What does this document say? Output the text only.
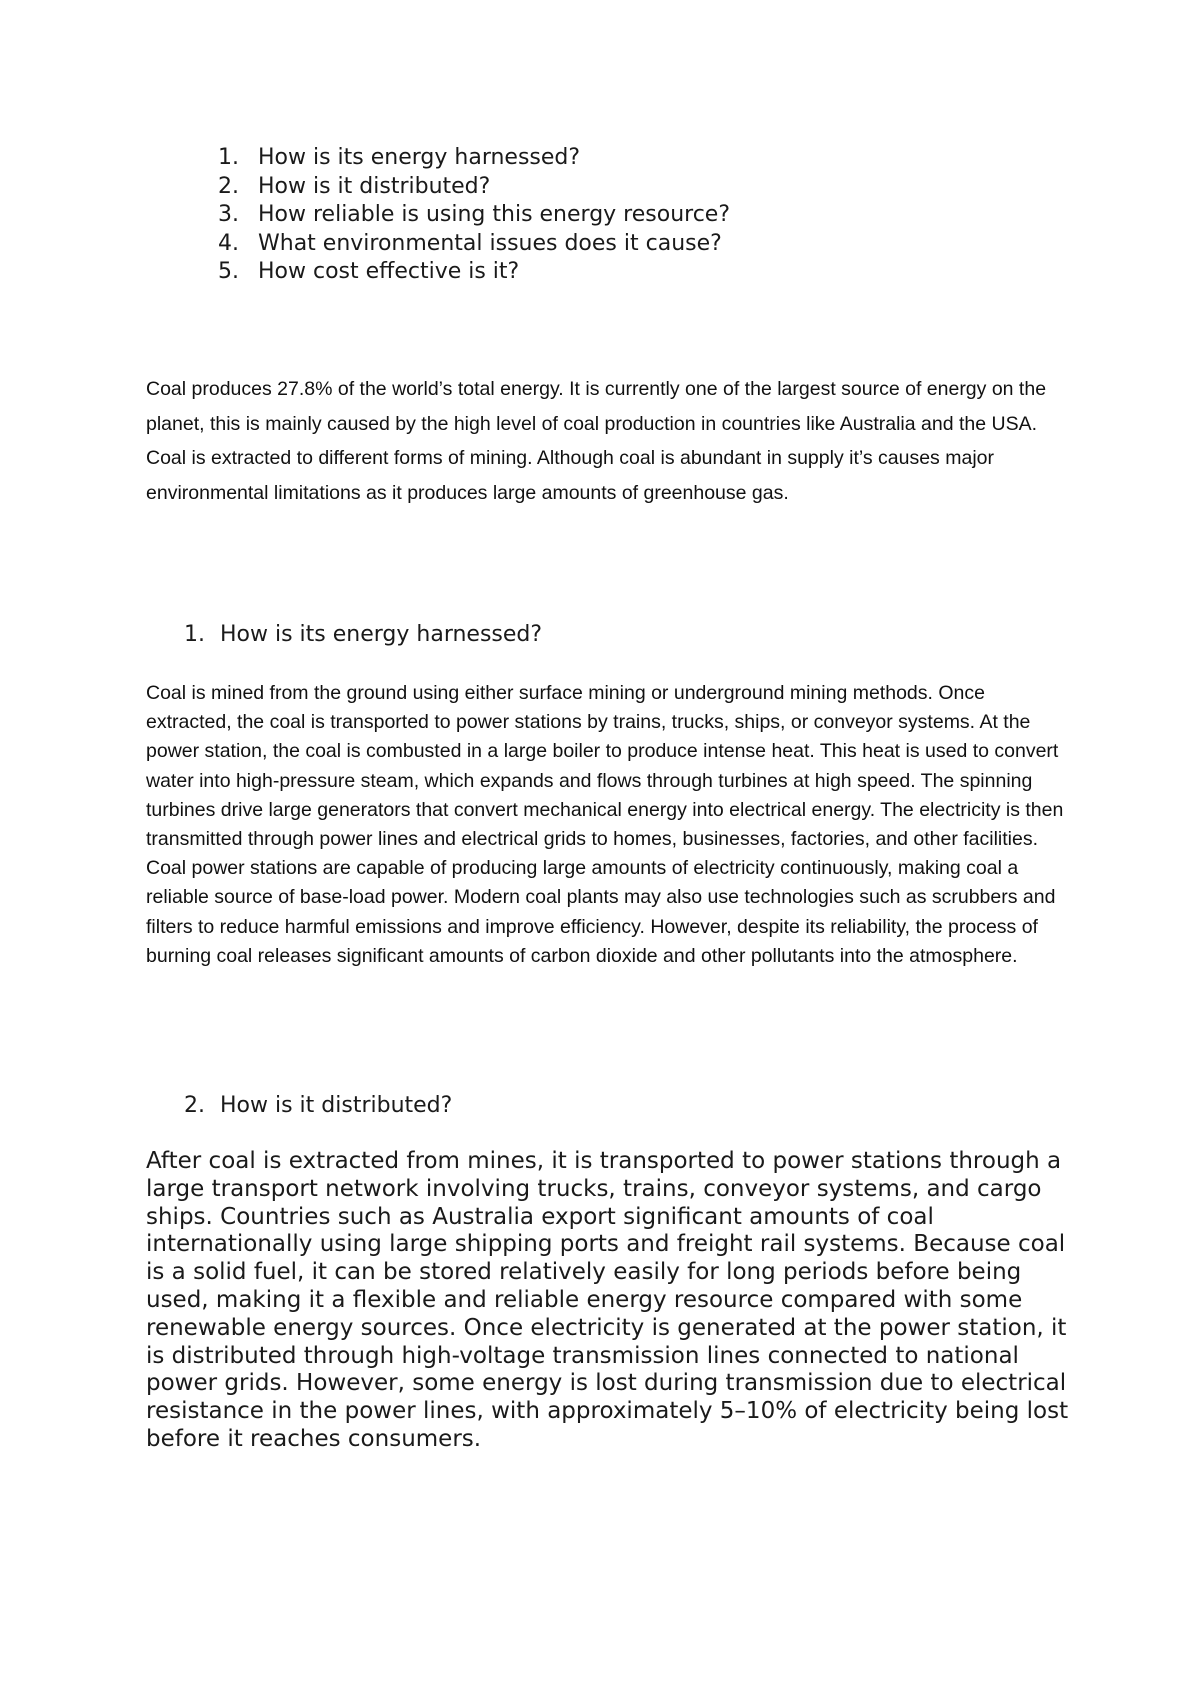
1. How is its energy harnessed?
2. How is it distributed?
3. How reliable is using this energy resource?
4. What environmental issues does it cause?
5. How cost effective is it?

Coal produces 27.8% of the world’s total energy. It is currently one of the largest source of energy on the planet, this is mainly caused by the high level of coal production in countries like Australia and the USA. Coal is extracted to different forms of mining. Although coal is abundant in supply it’s causes major environmental limitations as it produces large amounts of greenhouse gas.

1. How is its energy harnessed?

Coal is mined from the ground using either surface mining or underground mining methods. Once extracted, the coal is transported to power stations by trains, trucks, ships, or conveyor systems. At the power station, the coal is combusted in a large boiler to produce intense heat. This heat is used to convert water into high-pressure steam, which expands and flows through turbines at high speed. The spinning turbines drive large generators that convert mechanical energy into electrical energy. The electricity is then transmitted through power lines and electrical grids to homes, businesses, factories, and other facilities. Coal power stations are capable of producing large amounts of electricity continuously, making coal a reliable source of base-load power. Modern coal plants may also use technologies such as scrubbers and filters to reduce harmful emissions and improve efficiency. However, despite its reliability, the process of burning coal releases significant amounts of carbon dioxide and other pollutants into the atmosphere.

2. How is it distributed?

After coal is extracted from mines, it is transported to power stations through a large transport network involving trucks, trains, conveyor systems, and cargo ships. Countries such as Australia export significant amounts of coal internationally using large shipping ports and freight rail systems. Because coal is a solid fuel, it can be stored relatively easily for long periods before being used, making it a flexible and reliable energy resource compared with some renewable energy sources. Once electricity is generated at the power station, it is distributed through high-voltage transmission lines connected to national power grids. However, some energy is lost during transmission due to electrical resistance in the power lines, with approximately 5–10% of electricity being lost before it reaches consumers.
